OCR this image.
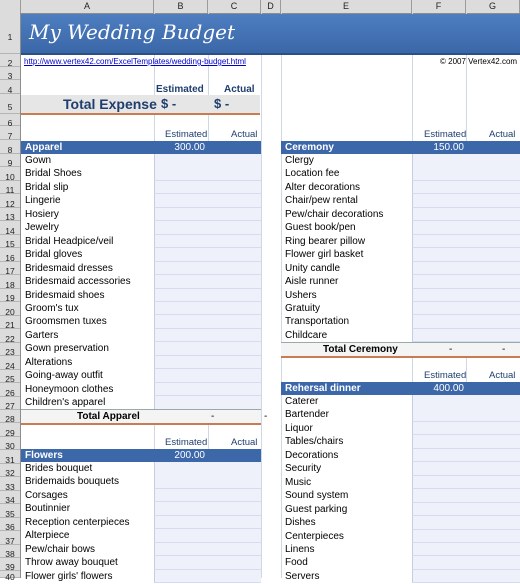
A	B	C	D	E	F	G
1
2
3
4
5
6
7
8
9
10
11
12
13
14
15
16
17
18
19
20
21
22
23
24
25
26
27
28
29
30
31
32
33
34
35
36
37
38
39
40
My Wedding Budget
http://www.vertex42.com/ExcelTemplates/wedding-budget.html	© 2007 Vertex42.com
Estimated Actual
Total Expense $ -	$ -
Estimated	Actual
Apparel	300.00
Gown
Bridal Shoes
Bridal slip
Lingerie
Hosiery
Jewelry
Bridal Headpice/veil
Bridal gloves
Bridesmaid dresses
Bridesmaid accessories
Bridesmaid shoes
Groom's tux
Groomsmen tuxes
Garters
Gown preservation
Alterations
Going-away outfit
Honeymoon clothes
Children's apparel
Total Apparel	-	-
Estimated	Actual
Flowers	200.00
Brides bouquet
Bridemaids bouquets
Corsages
Boutinnier
Reception centerpieces
Alterpiece
Pew/chair bows
Throw away bouquet
Flower girls' flowers
Estimated Actual
Ceremony	150.00
Clergy
Location fee
Alter decorations
Chair/pew rental
Pew/chair decorations
Guest book/pen
Ring bearer pillow
Flower girl basket
Unity candle
Aisle runner
Ushers
Gratuity
Transportation
Childcare
Total Ceremony	-	-
Estimated Actual
Rehersal dinner	400.00
Caterer
Bartender
Liquor
Tables/chairs
Decorations
Security
Music
Sound system
Guest parking
Dishes
Centerpieces
Linens
Food
Servers
